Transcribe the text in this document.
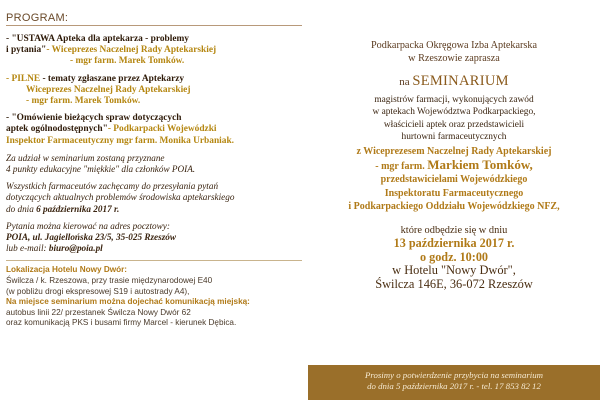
PROGRAM:
- "USTAWA Apteka dla aptekarza - problemy
i pytania"- Wiceprezes Naczelnej Rady Aptekarskiej
- mgr farm. Marek Tomków.
- PILNE - tematy zgłaszane przez Aptekarzy
Wiceprezes Naczelnej Rady Aptekarskiej
- mgr farm. Marek Tomków.
- "Omówienie bieżących spraw dotyczących
aptek ogólnodostępnych"- Podkarpacki Wojewódzki
Inspektor Farmaceutyczny mgr farm. Monika Urbaniak.
Za udział w seminarium zostaną przyznane
4 punkty edukacyjne "miękkie" dla członków POIA.
Wszystkich farmaceutów zachęcamy do przesyłania pytań
dotyczących aktualnych problemów środowiska aptekarskiego
do dnia 6 października 2017 r.
Pytania można kierować na adres pocztowy:
POIA, ul. Jagiellońska 23/5, 35-025 Rzeszów
lub e-mail: biuro@poia.pl
Lokalizacja Hotelu Nowy Dwór:
Świlcza / k. Rzeszowa, przy trasie międzynarodowej E40
(w pobliżu drogi ekspresowej S19 i autostrady A4),
Na miejsce seminarium można dojechać komunikacją miejską:
autobus linii 22/ przestanek Świlcza Nowy Dwór 62
oraz komunikacją PKS i busami firmy Marcel - kierunek Dębica.
Podkarpacka Okręgowa Izba Aptekarska
w Rzeszowie zaprasza
na SEMINARIUM
magistrów farmacji, wykonujących zawód
w aptekach Województwa Podkarpackiego,
właścicieli aptek oraz przedstawicieli
hurtowni farmaceutycznych
z Wiceprezesem Naczelnej Rady Aptekarskiej
- mgr farm. Markiem Tomków,
przedstawicielami Wojewódzkiego
Inspektoratu Farmaceutycznego
i Podkarpackiego Oddziału Wojewódzkiego NFZ,
które odbędzie się w dniu
13 października 2017 r.
o godz. 10:00
w Hotelu "Nowy Dwór",
Świlcza 146E, 36-072 Rzeszów
Prosimy o potwierdzenie przybycia na seminarium
do dnia 5 października 2017 r. - tel. 17 853 82 12
